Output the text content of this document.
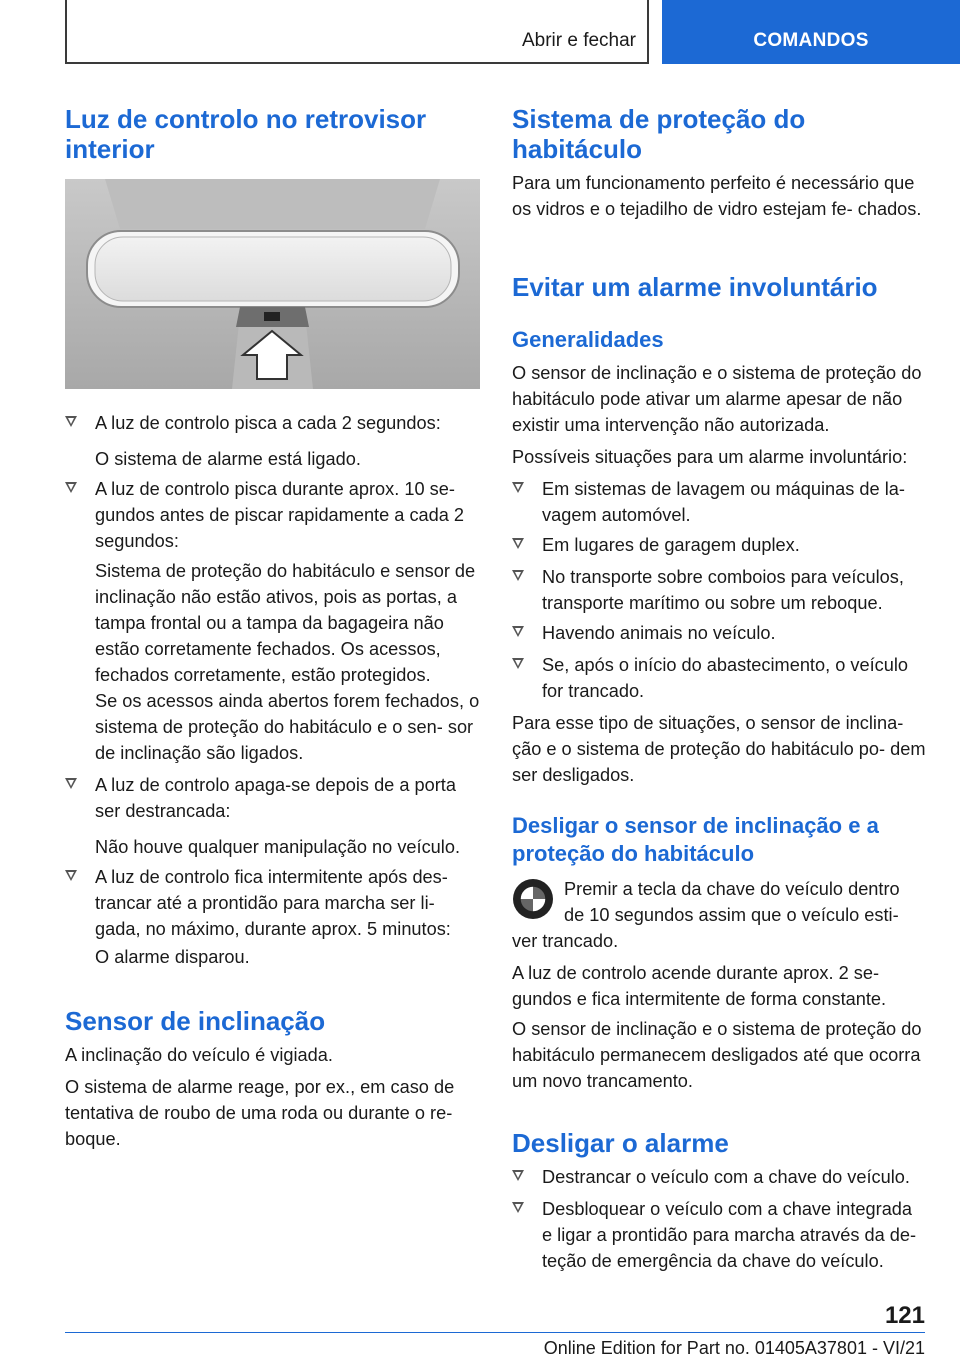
Abrir e fechar	COMANDOS
Luz de controlo no retrovisor interior

A luz de controlo pisca a cada 2 segundos:

O sistema de alarme está ligado.

A luz de controlo pisca durante aprox. 10 se‐ gundos antes de piscar rapidamente a cada 2 segundos:

Sistema de proteção do habitáculo e sensor de inclinação não estão ativos, pois as portas, a tampa frontal ou a tampa da bagageira não estão corretamente fechados. Os acessos, fechados corretamente, estão protegidos.

Se os acessos ainda abertos forem fechados, o sistema de proteção do habitáculo e o sen‐ sor de inclinação são ligados.

A luz de controlo apaga-se depois de a porta ser destrancada:

Não houve qualquer manipulação no veículo.

A luz de controlo fica intermitente após des‐ trancar até a prontidão para marcha ser li‐ gada, no máximo, durante aprox. 5 minutos:

O alarme disparou.

Sensor de inclinação

A inclinação do veículo é vigiada.

O sistema de alarme reage, por ex., em caso de tentativa de roubo de uma roda ou durante o re‐ boque.

Sistema de proteção do habitáculo

Para um funcionamento perfeito é necessário que os vidros e o tejadilho de vidro estejam fe‐ chados.

Evitar um alarme involuntário
Generalidades

O sensor de inclinação e o sistema de proteção do habitáculo pode ativar um alarme apesar de não existir uma intervenção não autorizada.

Possíveis situações para um alarme involuntário:

Em sistemas de lavagem ou máquinas de la‐ vagem automóvel.

Em lugares de garagem duplex.

No transporte sobre comboios para veículos, transporte marítimo ou sobre um reboque.

Havendo animais no veículo.

Se, após o início do abastecimento, o veículo for trancado.

Para esse tipo de situações, o sensor de inclina‐ ção e o sistema de proteção do habitáculo po‐ dem ser desligados.

Desligar o sensor de inclinação e a proteção do habitáculo

Premir a tecla da chave do veículo dentro

de 10 segundos assim que o veículo esti‐

ver trancado.

A luz de controlo acende durante aprox. 2 se‐ gundos e fica intermitente de forma constante.

O sensor de inclinação e o sistema de proteção do habitáculo permanecem desligados até que ocorra um novo trancamento.

Desligar o alarme

Destrancar o veículo com a chave do veículo.

Desbloquear o veículo com a chave integrada e ligar a prontidão para marcha através da de‐ teção de emergência da chave do veículo.

121
Online Edition for Part no. 01405A37801 - VI/21
